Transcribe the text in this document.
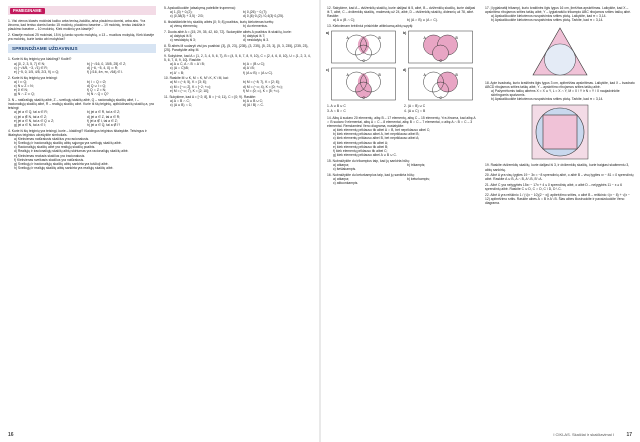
PAMEGINAME
1. Visi vienos klasės mokiniai kažko arba tenisą žaidžia, arba plaukimu domisi, arba abu. Yra žinoma, kad tenisu domisi lanko 15 mokinių, plaukimo baseine – 19 mokinių, tenisu žaidžia ir plaukimo baseine – 10 mokinių. Kiek mokinių yra klasėje?
2. Klasėje mokosi 25 mokiniai, 15 iš jų lanko sporto mokyklą, o 13 – muzikos mokyklą. Kiek klasėje yra mokinių, kurie lanko abi mokyklas?
SPRENDŽIAME UŽDAVINIUS
1. Kurie iš šių teiginių yra klaidingi? Kodėl?
a) {0, 2, 3, 5, 7} ∈ N;	b) {−√16, 0, 15/5, 25} ∈ Z;
c) {−√4/5, −3, √1} ∈ R;	d) {−6, −5, 4, 0} ⊂ R;
e) {−5, 0, 1/5, 4/5, 2/3, 9} ⊂ Q;	f) {√16, 4π, π², √64} ∈ I.
2. Kurie iš šių teiginių yra teisingi:
a) I ⊂ Q;	b) I ∩ Q = ∅;
c) N ∪ Z = N;	d) Q ∪ I = Q;
e) 0 ∈ N;	f) Q ∩ Z = N;
g) N ∩ Z ⊂ Q;	h) N ∩ Q = Q?
3. N – natūraliųjų skaičių aibė, Z – sveikųjų skaičių aibė, Q – racionaliųjų skaičių aibė, I – iracionaliųjų skaičių aibė, R – realiųjų skaičių aibė. Kurie iš šių teiginių, apibūdinančių skaičių a, yra teisingi:
a) jei a ∈ Q, tai a ∈ R;	b) jei a ∈ R, tai a ∈ Z;
c) jei a ∉ N, tai a ∈ Z;	d) jei a ∈ Z, tai a ∈ R;
e) jei a ∈ N, tai a ∈ Q ∪ Z;	f) jei a ∉ I, tai a ∈ Z;
g) jei a ∈ N, tai a ∈ I;	h) jei a ∈ Q, tai a ∉ I?
4. Kurie iš šių teiginių yra teisingi, kurie – klaidingi? Klaidingus teiginius ištaisykite. Teisingus ir ištaisytus teiginius užrašykite simboliais.
a) Kiekvienas natūralusis skaičius yra racionalusis.
b) Sveikųjų ir iracionaliųjų skaičių aibių sąjunga yra sveikųjų skaičių aibė.
c) Racionaliųjų skaičių aibė yra realiųjų skaičių poaibis.
d) Realiųjų ir iracionaliųjų skaičių aibių skirtumas yra racionaliųjų skaičių aibė.
e) Kiekvienas realusis skaičius yra iracionalusis.
f) Kiekvienas sveikasis skaičius yra natūralusis.
g) Sveikųjų ir iracionaliųjų skaičių aibių sankirta yra tuščioji aibė.
h) Sveikųjų ir realiųjų skaičių aibių sankirta yra realiųjų skaičių aibė.
5. Apskaičiuokite (atsakymą pateikite trupmena):
a) 1,(3) + 0,(2);	b) 0,(26) − 0,(7);
c) (0,38(3) + 3,5) · 2/3;	d) 0,(6)·0,(2) / 0,4(3)·0,(25).
6. Išsiaiškinkite trių skaičių aibės {0; 5; 8} poaibius, kurių kiekvienas turėtų:
a) vieną elementą;	b) du elementus.
7. Duota aibė A = {15, 29, 35, 42, 60, 72}. Sudarykite aibės A poaibius iš skaičių, kurie:
a) dalytųsi iš 5;	b) dalytųsi iš 7;
c) nesidalytų iš 3;	d) nesidalytų iš 3.
8. Ši aibės M sudaryti visi jos poaibiai: {3}, {5, 23}, {235}, {3, 235}, {5, 23, 3}, {5, 3, 235}, {235, 23}, {25}. Parašykite aibę M.
9. Sukykime, kad A = {1, 2, 3, 4, 5, 6, 7}, B = {4, 5, 6, 7, 8, 9, 10}, C = {2, 4, 6, 8, 10}, U = {1, 2, 3, 4, 5, 6, 7, 8, 9, 10}. Raskite:
a) A ∪ C, A ∩ B ∩ A \ B;	b) A ∩ (B ∪ C);
c) (A ∩ C)\B;	d) A \ B;
e) A′ ∩ B;	f) (A ∪ B) ∩ (A ∪ C).
10. Raskite M ∪ K, M ∩ K, M \ K, K \ M, kai:
a) M = (−4; 5), K = [3; 8];	b) M = (−8; 7), K = [2; 8];
c) M = [−∞; 2], K = [−2; +∞);	d) M = (−∞; 4), K = [0; +∞);
e) M = (−∞; 7), K = [2; 10];	f) M = (0; ∞), K = [5; +∞).
11. Sukykime, kad A = [−2; 8], B = (−4; 11), C = [0; 9). Raskite:
a) A ∩ B ∩ C;	b) A ∪ B ∪ C;
c) (A ∪ B) ∩ C;	d) (A \ B) ∩ C.
16
12. Sakykime, kad A – dviženklių skaičių, kurie dalijasi iš 5, aibė, B – dviženklių skaičių, kurie dalijasi iš 7, aibė, C – dviženklių skaičių, mažesnių už 24, aibė, D – dviženklių skaičių, didesnių už 78, aibė. Raskite:
a) A ∪ (B ∩ C);	b) (A ∩ B) ∪ (A ∩ C).
13. Kiekvienam brėžiniui priskirkite atitinkamą aibių sąryšį:
a)
A	B
C
b)
A	B
C
c)
A	B
C
d)
A	B
C
1. A ∪ B ∪ C	2. (A ∩ B) ∪ C
3. A ∩ B ∩ C	4. (A ∪ C) ∩ B
14. Aibę A sudaro 20 elementų, aibę B – 17 elementų, aibę C – 15 elementų. Yra žinoma, kad aibę A ∩ B sudaro 9 elementai, aibę A ∩ C – 8 elementai, aibę B ∩ C – 7 elementai, o aibę A ∩ B ∩ C – 3 elementai. Remdamiesi Veno diagrama, nustatykite:
a) kiek elementų priklauso tik aibei A ∩ B, bet nepriklauso aibei C;
b) kiek elementų priklauso aibei A, bet nepriklauso aibei B;
c) kiek elementų priklauso aibei B, bet nepriklauso aibei A;
d) kiek elementų priklauso tik aibei A;
e) kiek elementų priklauso tik aibei B;
f) kiek elementų priklauso tik aibei C;
g) kiek elementų priklauso aibei A ∪ B ∪ C.
15. Nubraižykite du trikampius taip, kad jų sankirta būtų:
a) atkarpa;	b) trikampis;
c) šešiakampis.
16. Nubraižykite du keturkampius taip, kad jų sankirta būtų:
a) atkarpa;	b) keturkampis;
c) aštuonkampis.
17. Į lygiakraštį trikampį, kurio kraštinės ilgis lygus 16 cm, įbrėžtas apskritimas. Laikykite, kad X – apskritimo ribojamos srities taškų aibė, Y – lygiakraščio trikampio ABC ribojamos srities taškų aibė.
a) Apskaičiuokite kiekvienos nuspalvintos srities plotą. Laikykite, kad π ≈ 3,14.
b) Apskaičiuokite kiekvienos nuspalvintos srities plotą. Tarkite, kad π ≈ 3,14.
18. Apie kvadratą, kurio kraštinės ilgis lygus 3 cm, apibrėžtas apskritimas. Laikykite, kad X – kvadrato ABCD ribojamos srities taškų aibė, Y – apskritimo ribojamos srities taškų aibė.
a) Pažymėtomis taškų aibėms X = X ∪ Y, L = X ∩ Y, M = X \ Y ir N = Y \ X naujadvinkite skirtingomis spalvomis.
b) Apskaičiuokite kiekvienos nuspalvintos srities plotą. Tarkite, kad π ≈ 3,14.
19. Raskite dvižemklių skaičių, kurie dalijasi iš 3, ir dvižemklių skaičių, kurie baigiasi skaitmeniu 3, aibių sankirtą.
20. Aibė A yra visų lygties 19 − 3x = −8 sprendinių aibė, o aibė B – visų lygties x² − 81 = 0 sprendinių aibė. Raskite A ∪ B, A ∩ B, A \ B, B \ A.
21. Aibė C yra nelygybės 15x² − 17x + 4 ≤ 0 sprendinių aibė, o aibė D – nelygybės 11 − x ≥ 6 sprendinių aibė. Raskite C ∪ D, C ∩ D, C \ D, D \ C.
22. Aibė A yra reiškinio 1 / (√(x − 10)(2 − x)) apibrėžimo srities, o aibė B – reiškinio √(x − 8) + √(x − 12) apibrėžimo sritis. Raskite aibes A ∩ B ir A \ B. Šias aibes iliustruokite ir pavaizduokite Veno diagrama.
I CIKLAS. Skaičiai ir skaičiavimai I 17
